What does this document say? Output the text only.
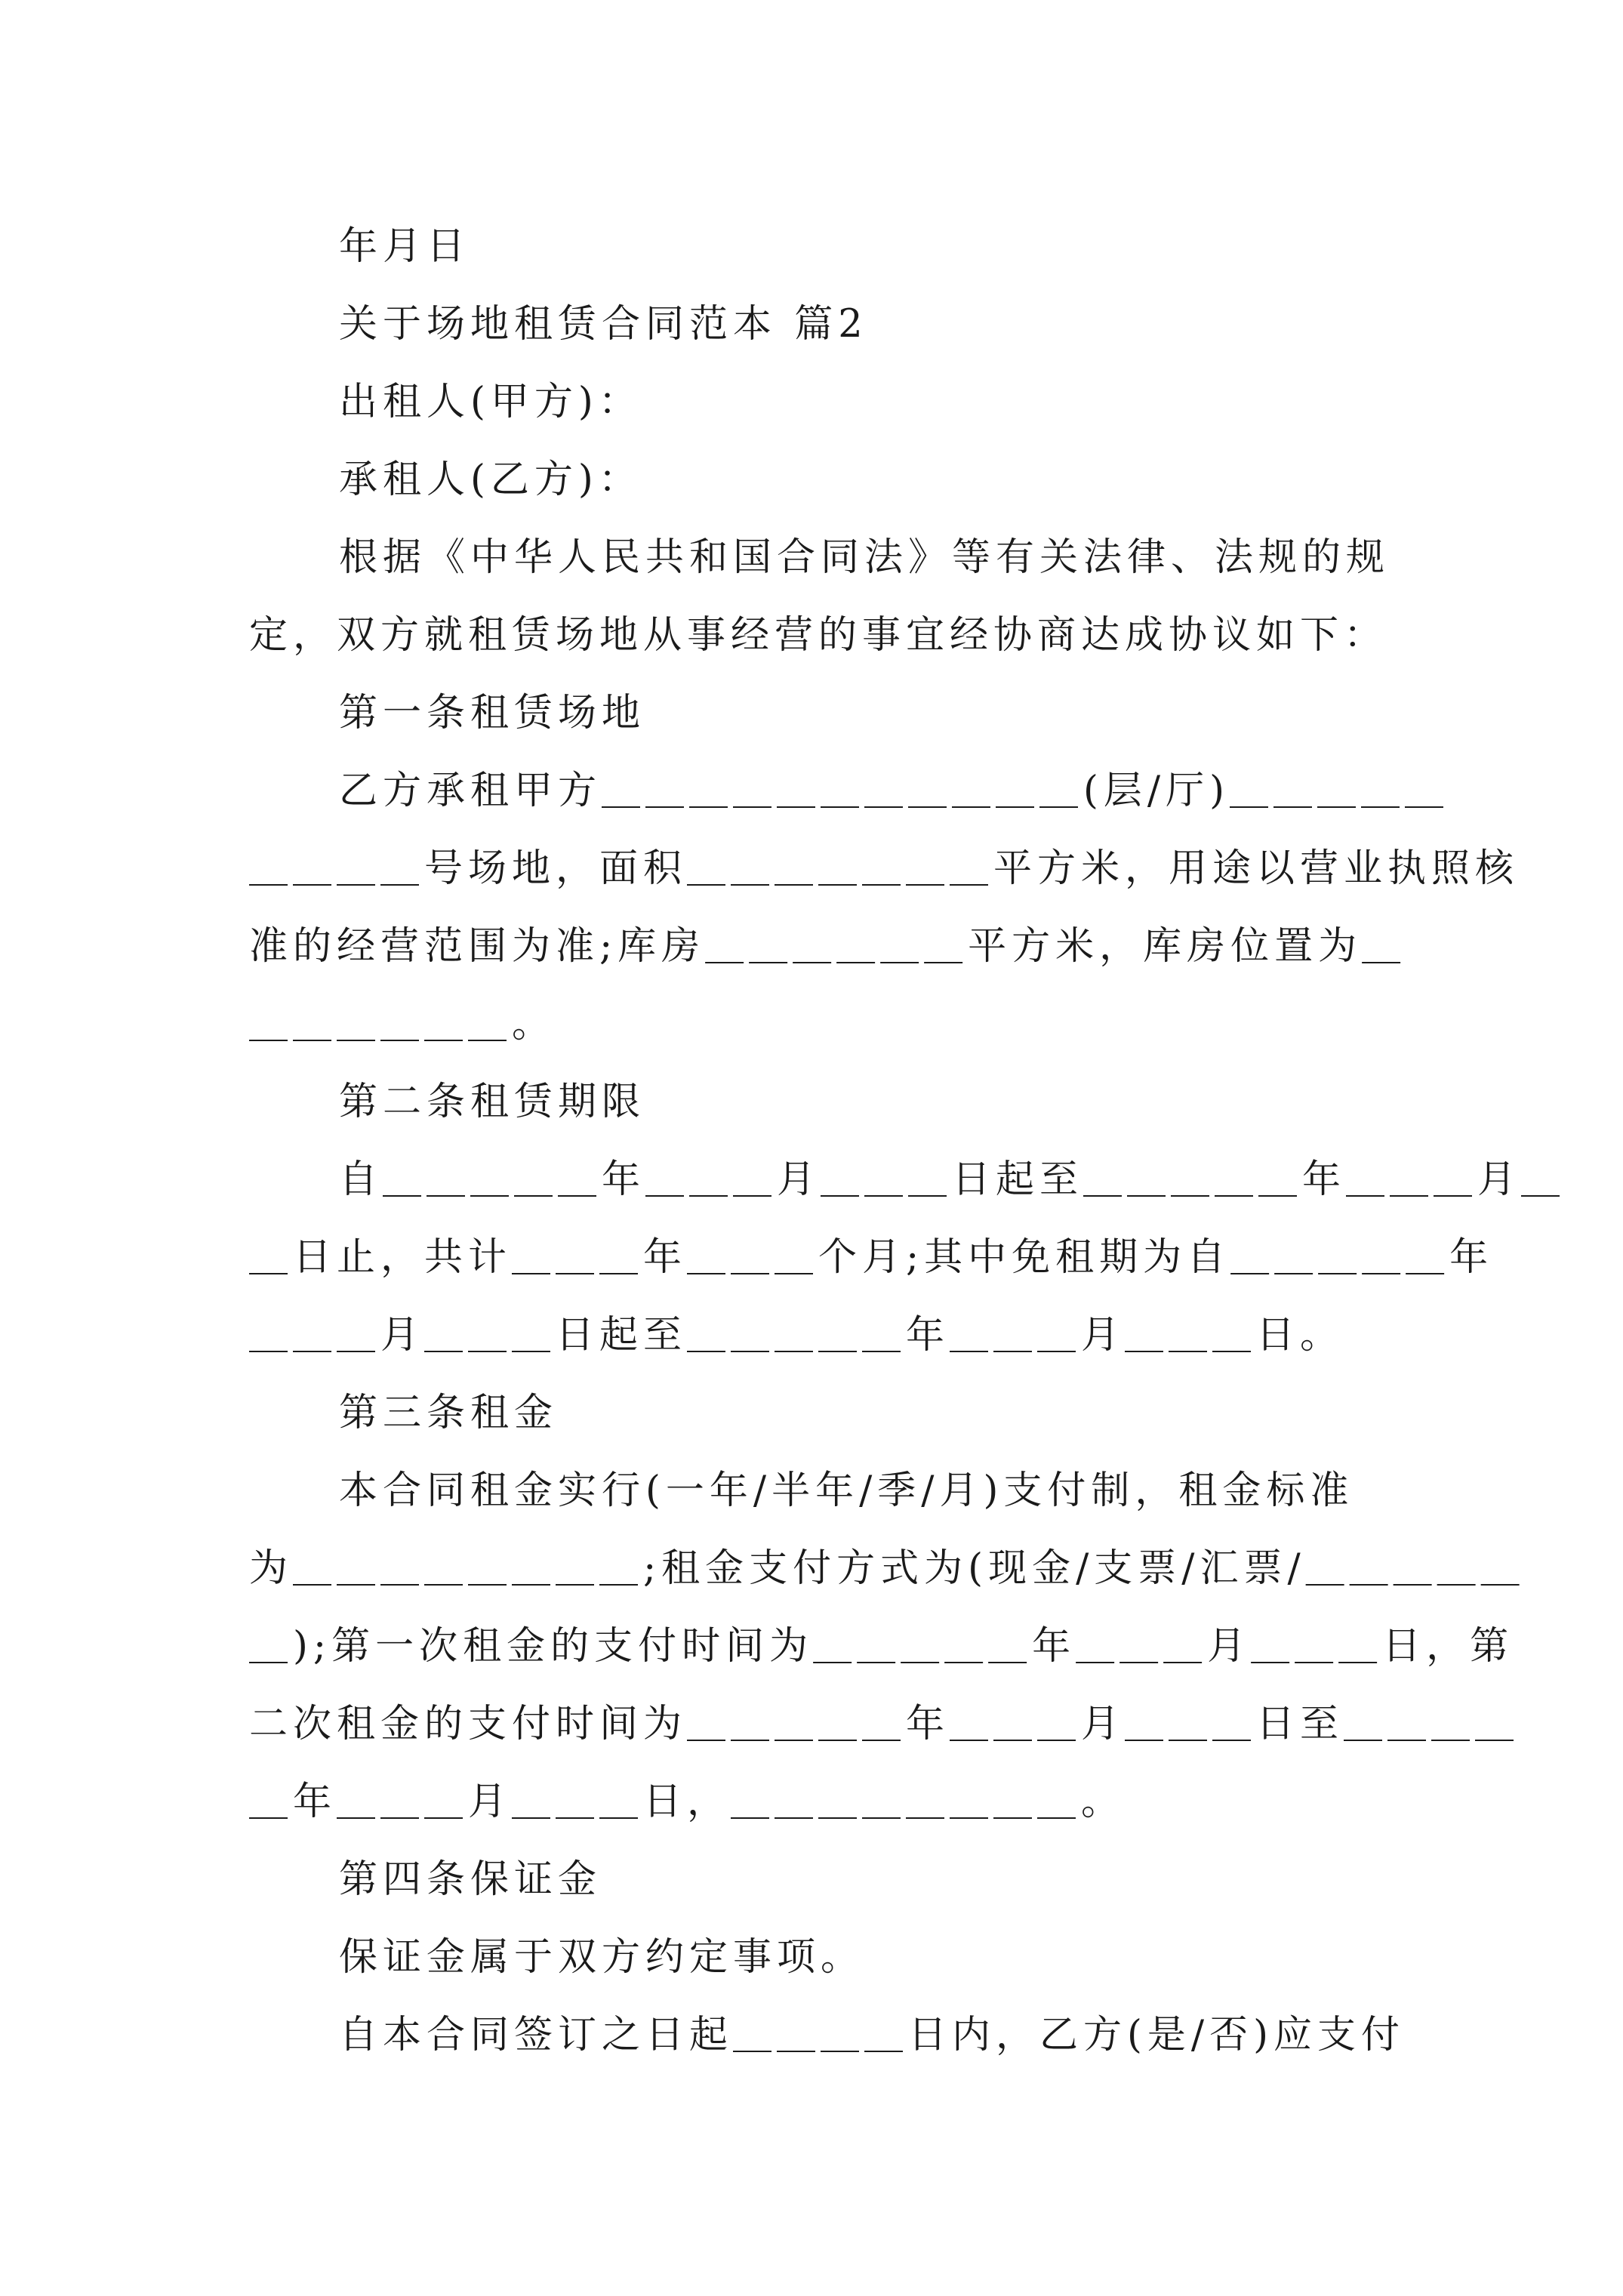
年月日
关于场地租赁合同范本 篇2
出租人(甲方)：
承租人(乙方)：
根据《中华人民共和国合同法》等有关法律、法规的规
定，双方就租赁场地从事经营的事宜经协商达成协议如下：
第一条租赁场地
乙方承租甲方＿＿＿＿＿＿＿＿＿＿＿(层/厅)＿＿＿＿＿
＿＿＿＿号场地，面积＿＿＿＿＿＿＿平方米，用途以营业执照核
准的经营范围为准;库房＿＿＿＿＿＿平方米，库房位置为＿
＿＿＿＿＿＿。
第二条租赁期限
自＿＿＿＿＿年＿＿＿月＿＿＿日起至＿＿＿＿＿年＿＿＿月＿
＿日止，共计＿＿＿年＿＿＿个月;其中免租期为自＿＿＿＿＿年
＿＿＿月＿＿＿日起至＿＿＿＿＿年＿＿＿月＿＿＿日。
第三条租金
本合同租金实行(一年/半年/季/月)支付制，租金标准
为＿＿＿＿＿＿＿＿;租金支付方式为(现金/支票/汇票/＿＿＿＿＿
＿);第一次租金的支付时间为＿＿＿＿＿年＿＿＿月＿＿＿日，第
二次租金的支付时间为＿＿＿＿＿年＿＿＿月＿＿＿日至＿＿＿＿
＿年＿＿＿月＿＿＿日，＿＿＿＿＿＿＿＿。
第四条保证金
保证金属于双方约定事项。
自本合同签订之日起＿＿＿＿日内，乙方(是/否)应支付
